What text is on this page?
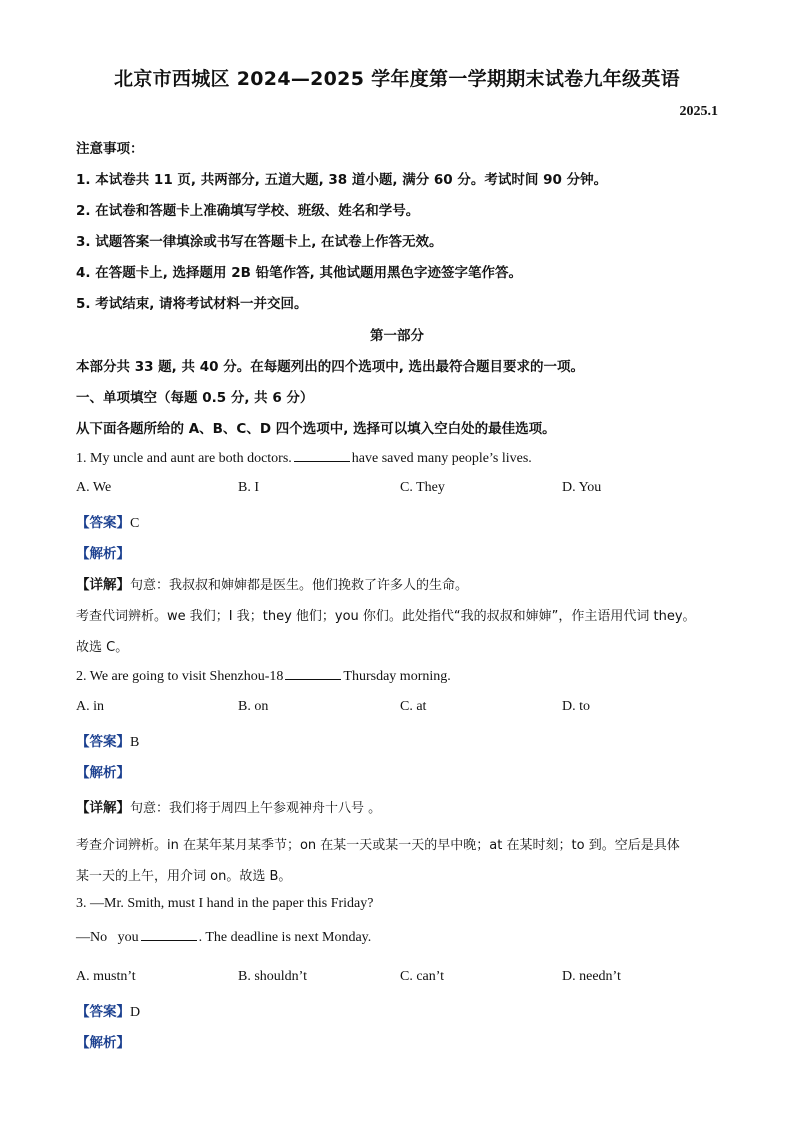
北京市西城区 2024—2025 学年度第一学期期末试卷九年级英语
2025.1
注意事项：
1. 本试卷共 11 页, 共两部分, 五道大题, 38 道小题, 满分 60 分。考试时间 90 分钟。
2. 在试卷和答题卡上准确填写学校、班级、姓名和学号。
3. 试题答案一律填涂或书写在答题卡上, 在试卷上作答无效。
4. 在答题卡上, 选择题用 2B 铅笔作答, 其他试题用黑色字迹签字笔作答。
5. 考试结束, 请将考试材料一并交回。
第一部分
本部分共 33 题, 共 40 分。在每题列出的四个选项中, 选出最符合题目要求的一项。
一、单项填空（每题 0.5 分, 共 6 分）
从下面各题所给的 A、B、C、D 四个选项中, 选择可以填入空白处的最佳选项。
1. My uncle and aunt are both doctors.	have saved many people’s lives.
A. We	B. I	C. They	D. You
【答案】C
【解析】
【详解】句意：我叔叔和婶婶都是医生。他们挽救了许多人的生命。
考查代词辨析。we 我们；I 我；they 他们；you 你们。此处指代“我的叔叔和婶婶”，作主语用代词 they。
故选 C。
2. We are going to visit Shenzhou-18	Thursday morning.
A. in	B. on	C. at	D. to
【答案】B
【解析】
【详解】句意：我们将于周四上午参观神舟十八号 。
考查介词辨析。in 在某年某月某季节；on 在某一天或某一天的早中晚；at 在某时刻；to 到。空后是具体
某一天的上午，用介词 on。故选 B。
3. —Mr. Smith, must I hand in the paper this Friday?
—No   you	. The deadline is next Monday.
A. mustn’t	B. shouldn’t	C. can’t	D. needn’t
【答案】D
【解析】
